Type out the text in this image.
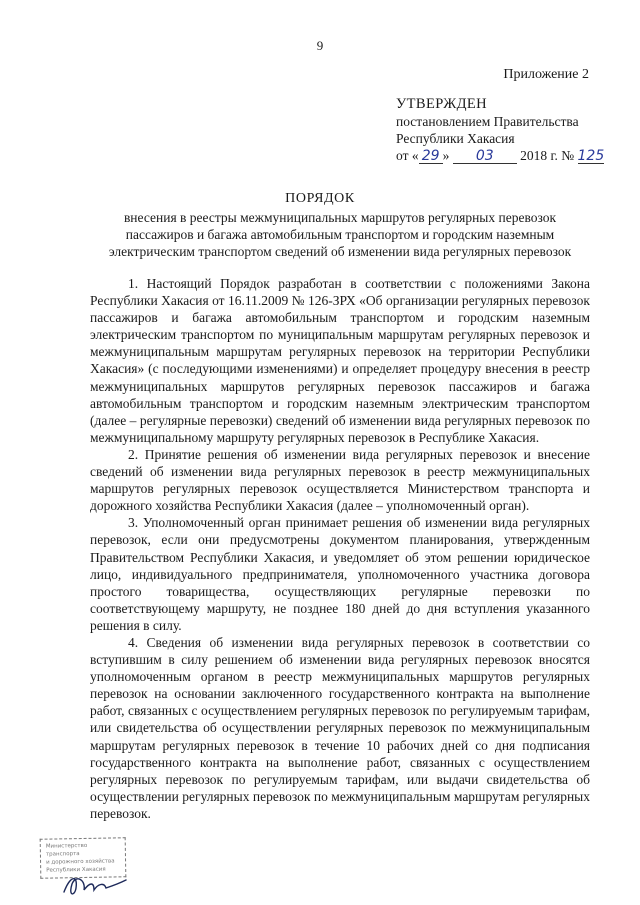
9
Приложение 2
УТВЕРЖДЕН
постановлением Правительства
Республики Хакасия
от « 29 » 03 2018 г. № 125
ПОРЯДОК
внесения в реестры межмуниципальных маршрутов регулярных перевозок пассажиров и багажа автомобильным транспортом и городским наземным электрическим транспортом сведений об изменении вида регулярных перевозок

1. Настоящий Порядок разработан в соответствии с положениями Закона Республики Хакасия от 16.11.2009 № 126-ЗРХ «Об организации регулярных перевозок пассажиров и багажа автомобильным транспортом и городским наземным электрическим транспортом по муниципальным маршрутам регулярных перевозок и межмуниципальным маршрутам регулярных перевозок на территории Республики Хакасия» (с последующими изменениями) и определяет процедуру внесения в реестр межмуниципальных маршрутов регулярных перевозок пассажиров и багажа автомобильным транспортом и городским наземным электрическим транспортом (далее – регулярные перевозки) сведений об изменении вида регулярных перевозок по межмуниципальному маршруту регулярных перевозок в Республике Хакасия.

2. Принятие решения об изменении вида регулярных перевозок и внесение сведений об изменении вида регулярных перевозок в реестр межмуниципальных маршрутов регулярных перевозок осуществляется Министерством транспорта и дорожного хозяйства Республики Хакасия (далее – уполномоченный орган).

3. Уполномоченный орган принимает решения об изменении вида регулярных перевозок, если они предусмотрены документом планирования, утвержденным Правительством Республики Хакасия, и уведомляет об этом решении юридическое лицо, индивидуального предпринимателя, уполномоченного участника договора простого товарищества, осуществляющих регулярные перевозки по соответствующему маршруту, не позднее 180 дней до дня вступления указанного решения в силу.

4. Сведения об изменении вида регулярных перевозок в соответствии со вступившим в силу решением об изменении вида регулярных перевозок вносятся уполномоченным органом в реестр межмуниципальных маршрутов регулярных перевозок на основании заключенного государственного контракта на выполнение работ, связанных с осуществлением регулярных перевозок по регулируемым тарифам, или свидетельства об осуществлении регулярных перевозок по межмуниципальным маршрутам регулярных перевозок в течение 10 рабочих дней со дня подписания государственного контракта на выполнение работ, связанных с осуществлением регулярных перевозок по регулируемым тарифам, или выдачи свидетельства об осуществлении регулярных перевозок по межмуниципальным маршрутам регулярных перевозок.

Министерство транспорта
и дорожного хозяйства
Республики Хакасия
